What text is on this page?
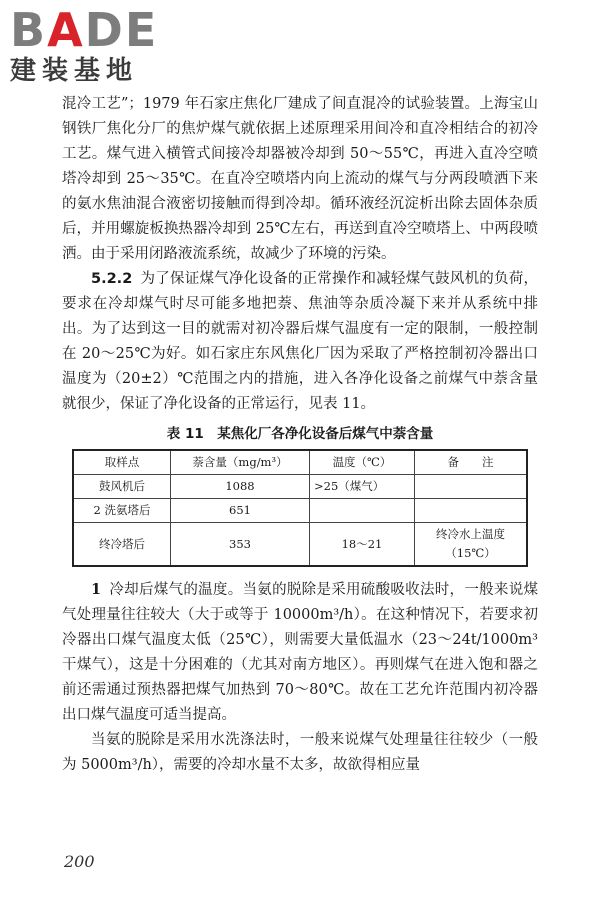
BADE
建装基地

混冷工艺”；1979 年石家庄焦化厂建成了间直混冷的试验装置。上海宝山钢铁厂焦化分厂的焦炉煤气就依据上述原理采用间冷和直冷相结合的初冷工艺。煤气进入横管式间接冷却器被冷却到 50～55℃，再进入直冷空喷塔冷却到 25～35℃。在直冷空喷塔内向上流动的煤气与分两段喷洒下来的氨水焦油混合液密切接触而得到冷却。循环液经沉淀析出除去固体杂质后，并用螺旋板换热器冷却到 25℃左右，再送到直冷空喷塔上、中两段喷洒。由于采用闭路液流系统，故减少了环境的污染。

5.2.2 为了保证煤气净化设备的正常操作和减轻煤气鼓风机的负荷，要求在冷却煤气时尽可能多地把萘、焦油等杂质冷凝下来并从系统中排出。为了达到这一目的就需对初冷器后煤气温度有一定的限制，一般控制在 20～25℃为好。如石家庄东风焦化厂因为采取了严格控制初冷器出口温度为（20±2）℃范围之内的措施，进入各净化设备之前煤气中萘含量就很少，保证了净化设备的正常运行，见表 11。

表 11　某焦化厂各净化设备后煤气中萘含量
取样点	萘含量（mg/m³）	温度（℃）	备　　注
鼓风机后	1088	>25（煤气）	
2 洗氨塔后	651		
终冷塔后	353	18～21	终冷水上温度（15℃）

1 冷却后煤气的温度。当氨的脱除是采用硫酸吸收法时，一般来说煤气处理量往往较大（大于或等于 10000m³/h）。在这种情况下，若要求初冷器出口煤气温度太低（25℃），则需要大量低温水（23～24t/1000m³ 干煤气），这是十分困难的（尤其对南方地区）。再则煤气在进入饱和器之前还需通过预热器把煤气加热到 70～80℃。故在工艺允许范围内初冷器出口煤气温度可适当提高。

当氨的脱除是采用水洗涤法时，一般来说煤气处理量往往较少（一般为 5000m³/h），需要的冷却水量不太多，故欲得相应量

200
